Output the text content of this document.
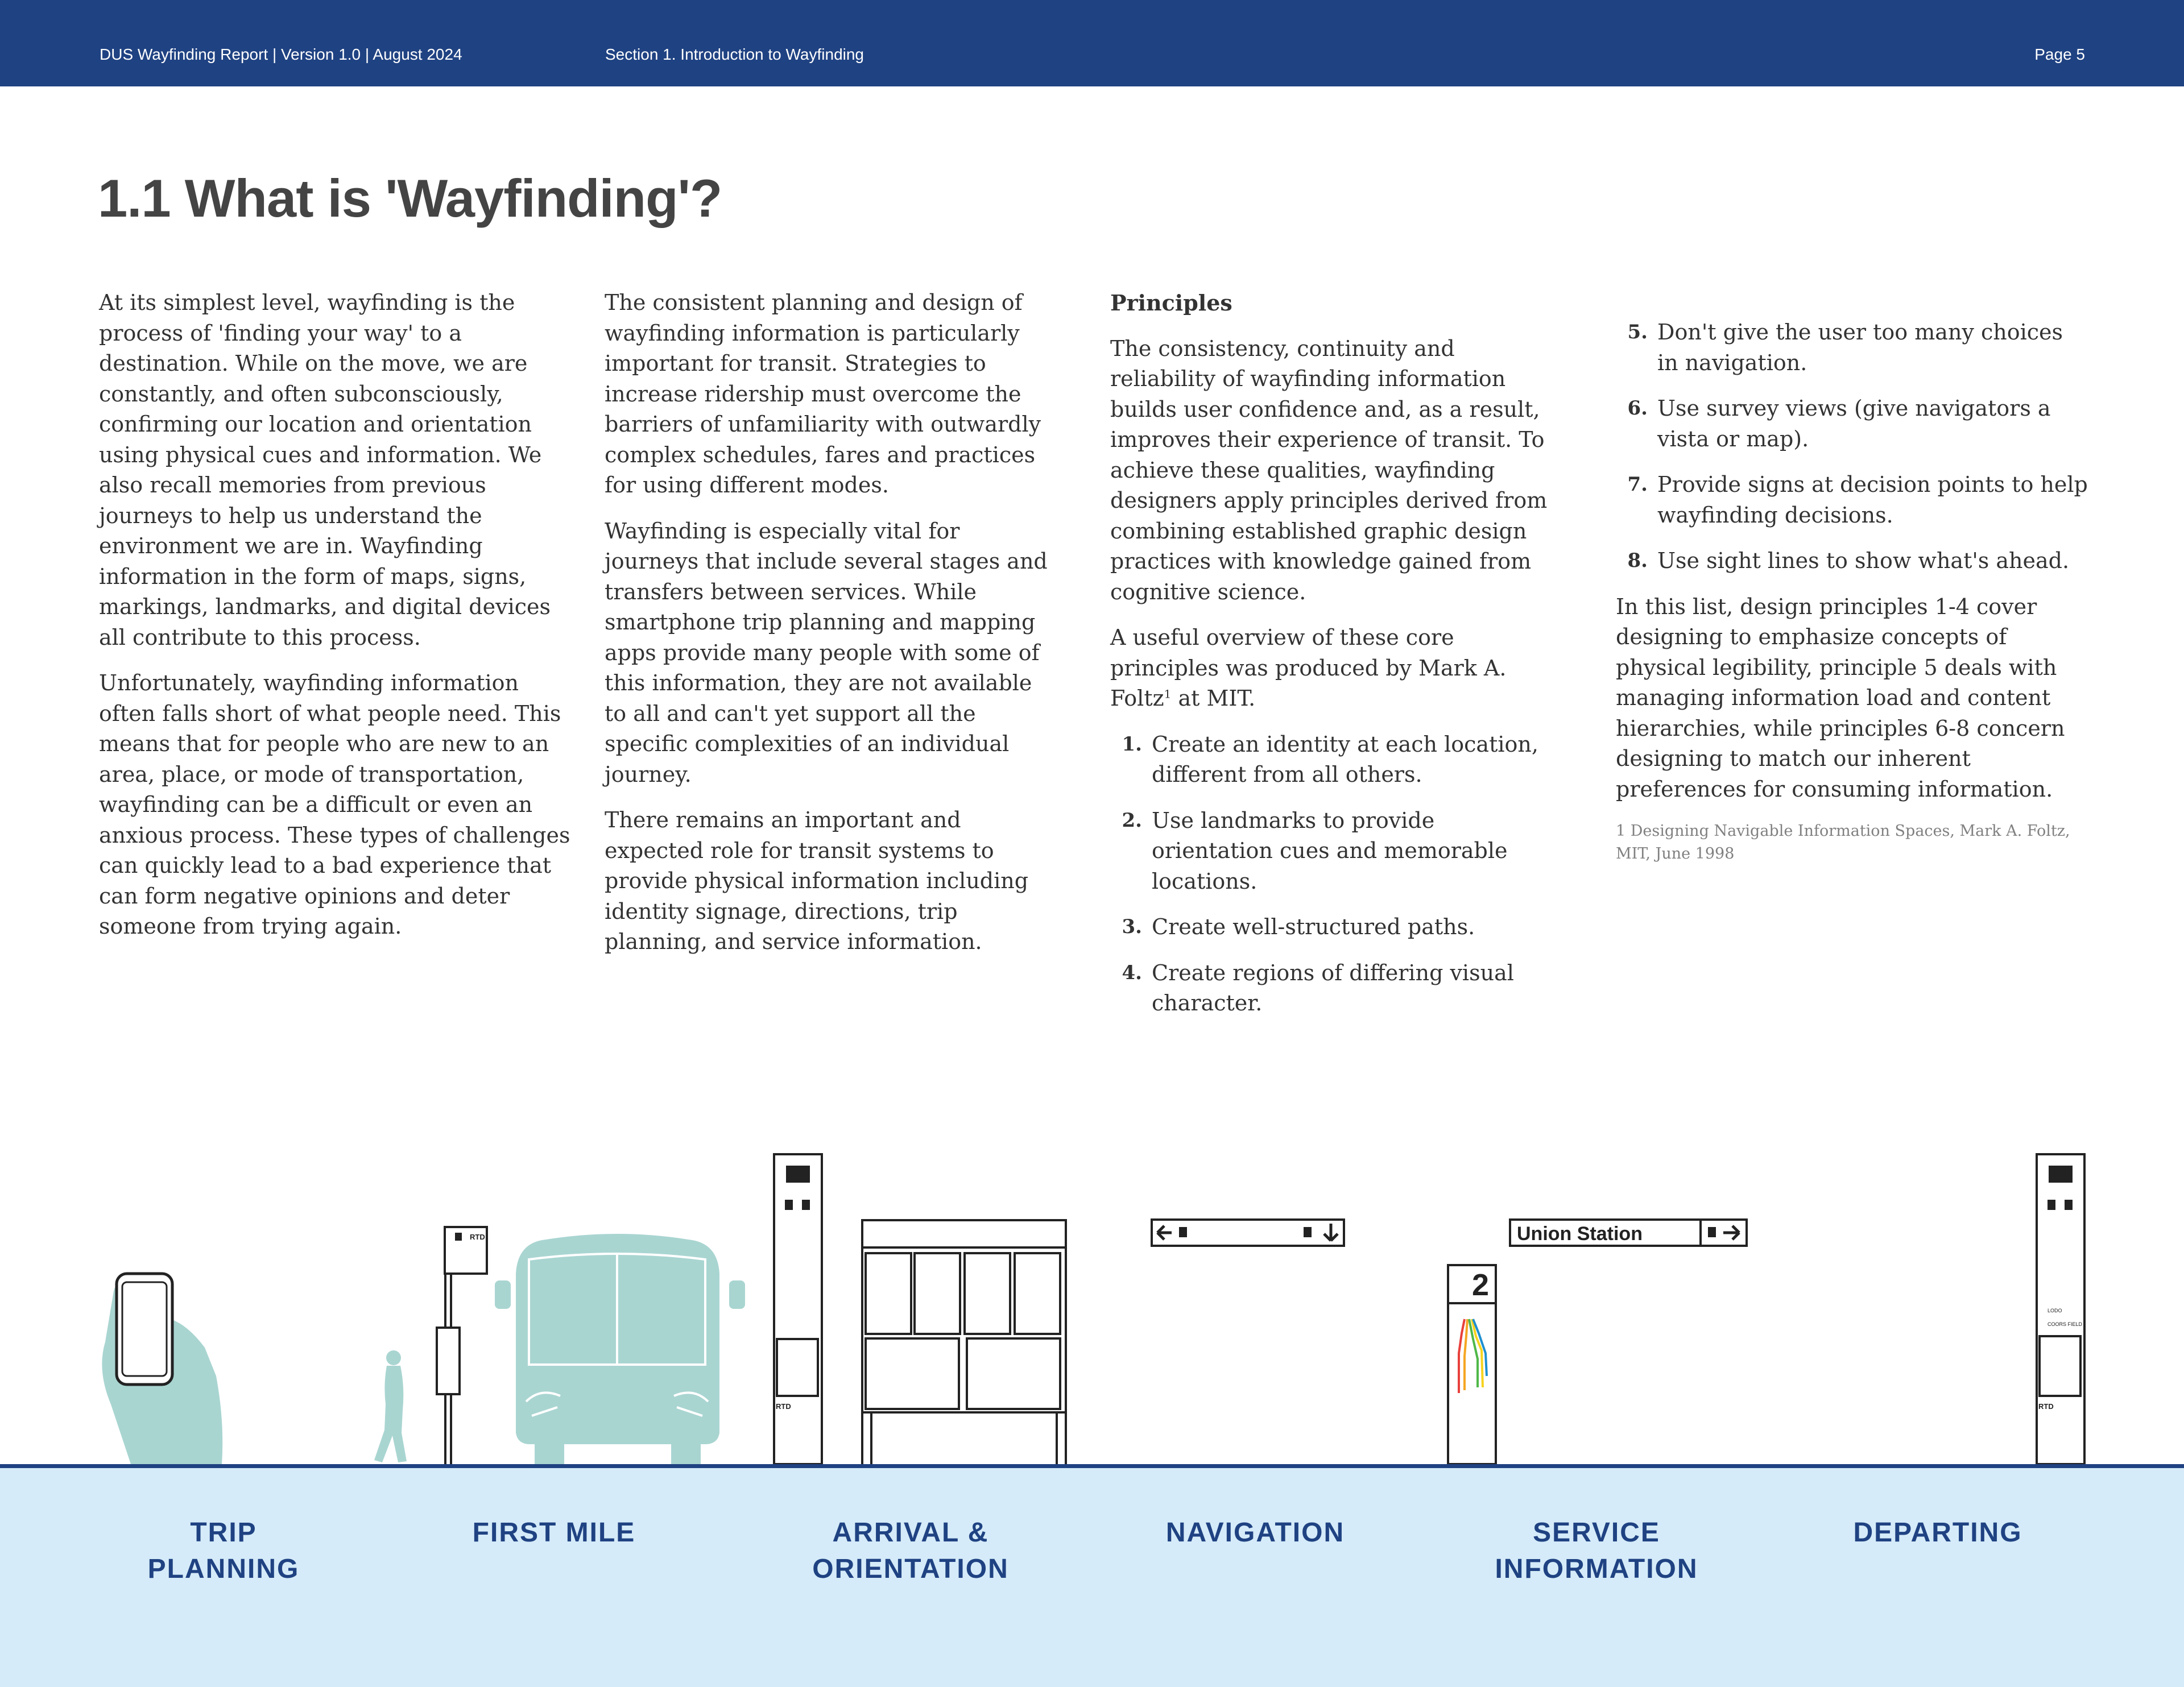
DUS Wayfinding Report | Version 1.0 | August 2024	Section 1. Introduction to Wayfinding	Page 5
1.1 What is 'Wayfinding'?

At its simplest level, wayfinding is the process of 'finding your way' to a destination. While on the move, we are constantly, and often subconsciously, confirming our location and orientation using physical cues and information. We also recall memories from previous journeys to help us understand the environment we are in. Wayfinding information in the form of maps, signs, markings, landmarks, and digital devices all contribute to this process.

Unfortunately, wayfinding information often falls short of what people need. This means that for people who are new to an area, place, or mode of transportation, wayfinding can be a difficult or even an anxious process. These types of challenges can quickly lead to a bad experience that can form negative opinions and deter someone from trying again.

The consistent planning and design of wayfinding information is particularly important for transit. Strategies to increase ridership must overcome the barriers of unfamiliarity with outwardly complex schedules, fares and practices for using different modes.

Wayfinding is especially vital for journeys that include several stages and transfers between services. While smartphone trip planning and mapping apps provide many people with some of this information, they are not available to all and can't yet support all the specific complexities of an individual journey.

There remains an important and expected role for transit systems to provide physical information including identity signage, directions, trip planning, and service information.

Principles

The consistency, continuity and reliability of wayfinding information builds user confidence and, as a result, improves their experience of transit. To achieve these qualities, wayfinding designers apply principles derived from combining established graphic design practices with knowledge gained from cognitive science.

A useful overview of these core principles was produced by Mark A. Foltz$^1$ at MIT.

1. Create an identity at each location, different from all others.
2. Use landmarks to provide orientation cues and memorable locations.
3. Create well-structured paths.
4. Create regions of differing visual character.
5. Don't give the user too many choices in navigation.
6. Use survey views (give navigators a vista or map).
7. Provide signs at decision points to help wayfinding decisions.
8. Use sight lines to show what's ahead.

In this list, design principles 1-4 cover designing to emphasize concepts of physical legibility, principle 5 deals with managing information load and content hierarchies, while principles 6-8 concern designing to match our inherent preferences for consuming information.

1 Designing Navigable Information Spaces, Mark A. Foltz, MIT, June 1998

RTD
RTD
2
Union Station
LODO
COORS FIELD
RTD
TRIP
PLANNING
FIRST MILE	ARRIVAL &
ORIENTATION
NAVIGATION	SERVICE
INFORMATION
DEPARTING
